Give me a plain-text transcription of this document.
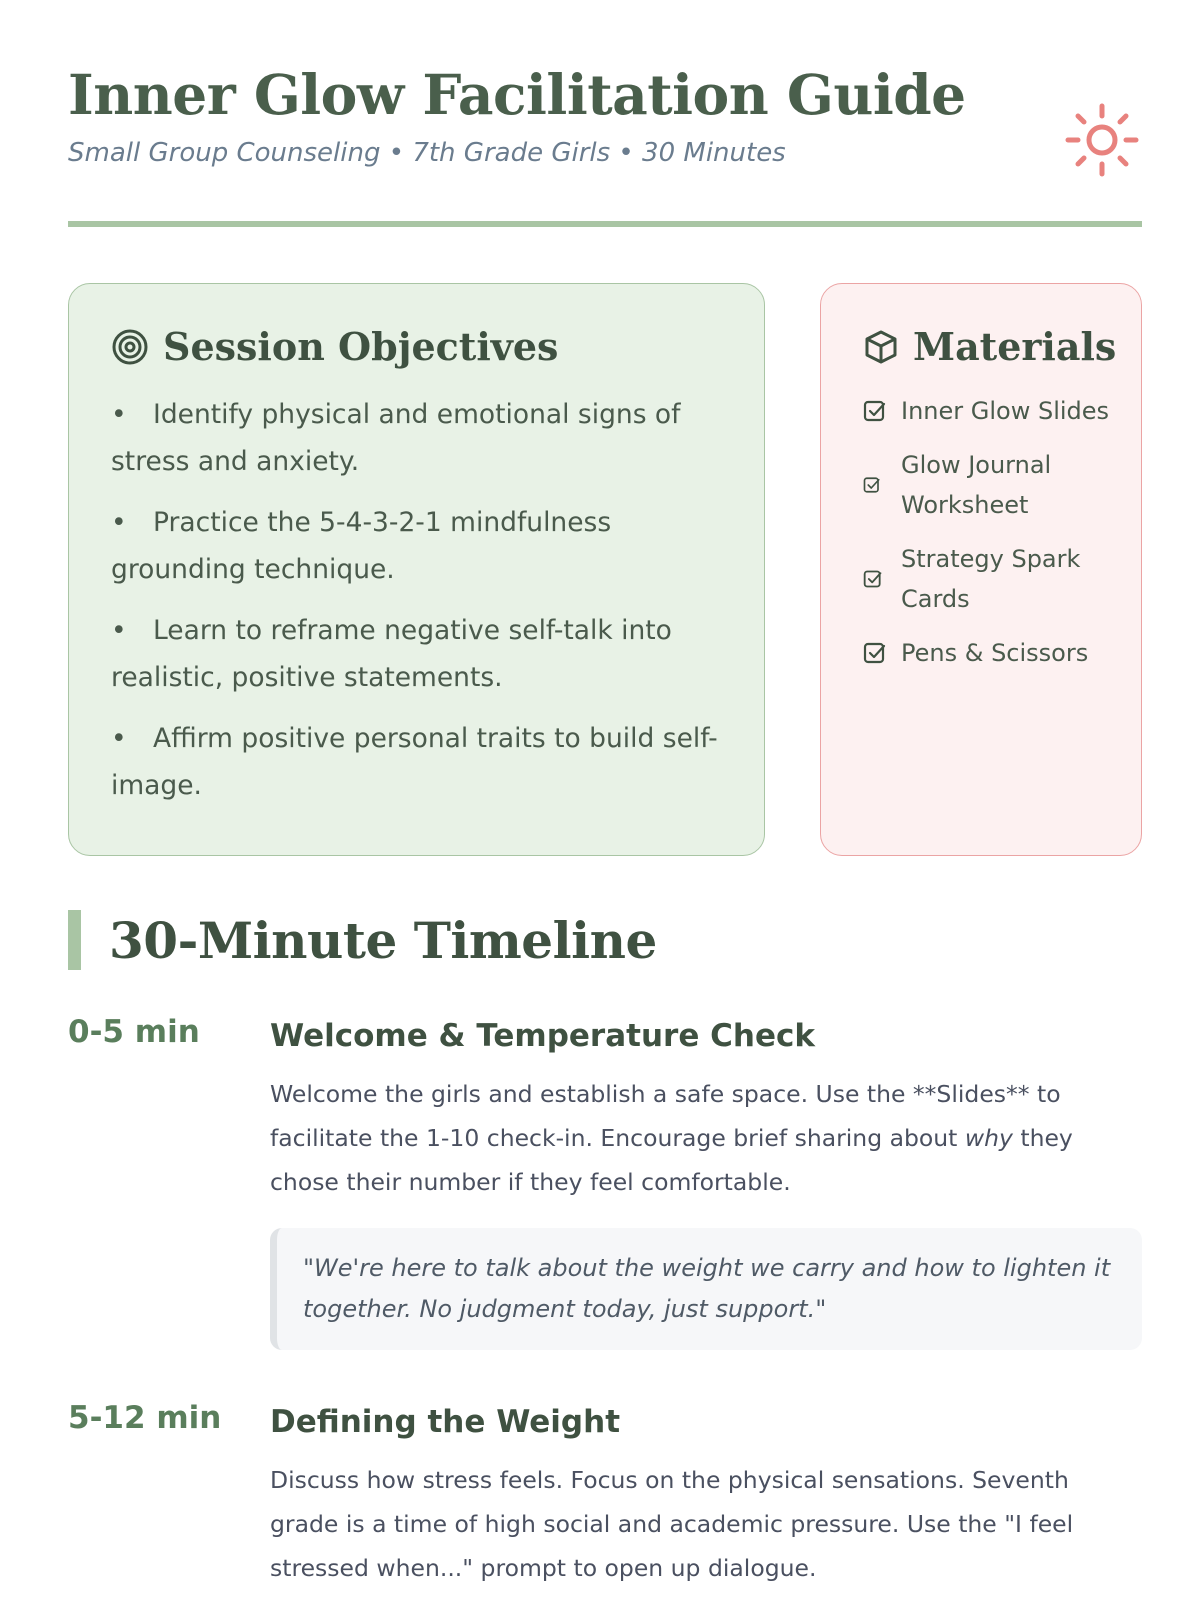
Inner Glow Facilitation Guide
Small Group Counseling • 7th Grade Girls • 30 Minutes
Session Objectives
• Identify physical and emotional signs of stress and anxiety.
• Practice the 5-4-3-2-1 mindfulness grounding technique.
• Learn to reframe negative self-talk into realistic, positive statements.
• Affirm positive personal traits to build self-image.
Materials
Inner Glow Slides
Glow Journal Worksheet
Strategy Spark Cards
Pens & Scissors
30-Minute Timeline
0-5 min Welcome & Temperature Check

Welcome the girls and establish a safe space. Use the **Slides** to facilitate the 1-10 check-in. Encourage brief sharing about why they chose their number if they feel comfortable.

"We're here to talk about the weight we carry and how to lighten it together. No judgment today, just support."
5-12 min Defining the Weight

Discuss how stress feels. Focus on the physical sensations. Seventh grade is a time of high social and academic pressure. Use the "I feel stressed when..." prompt to open up dialogue.
